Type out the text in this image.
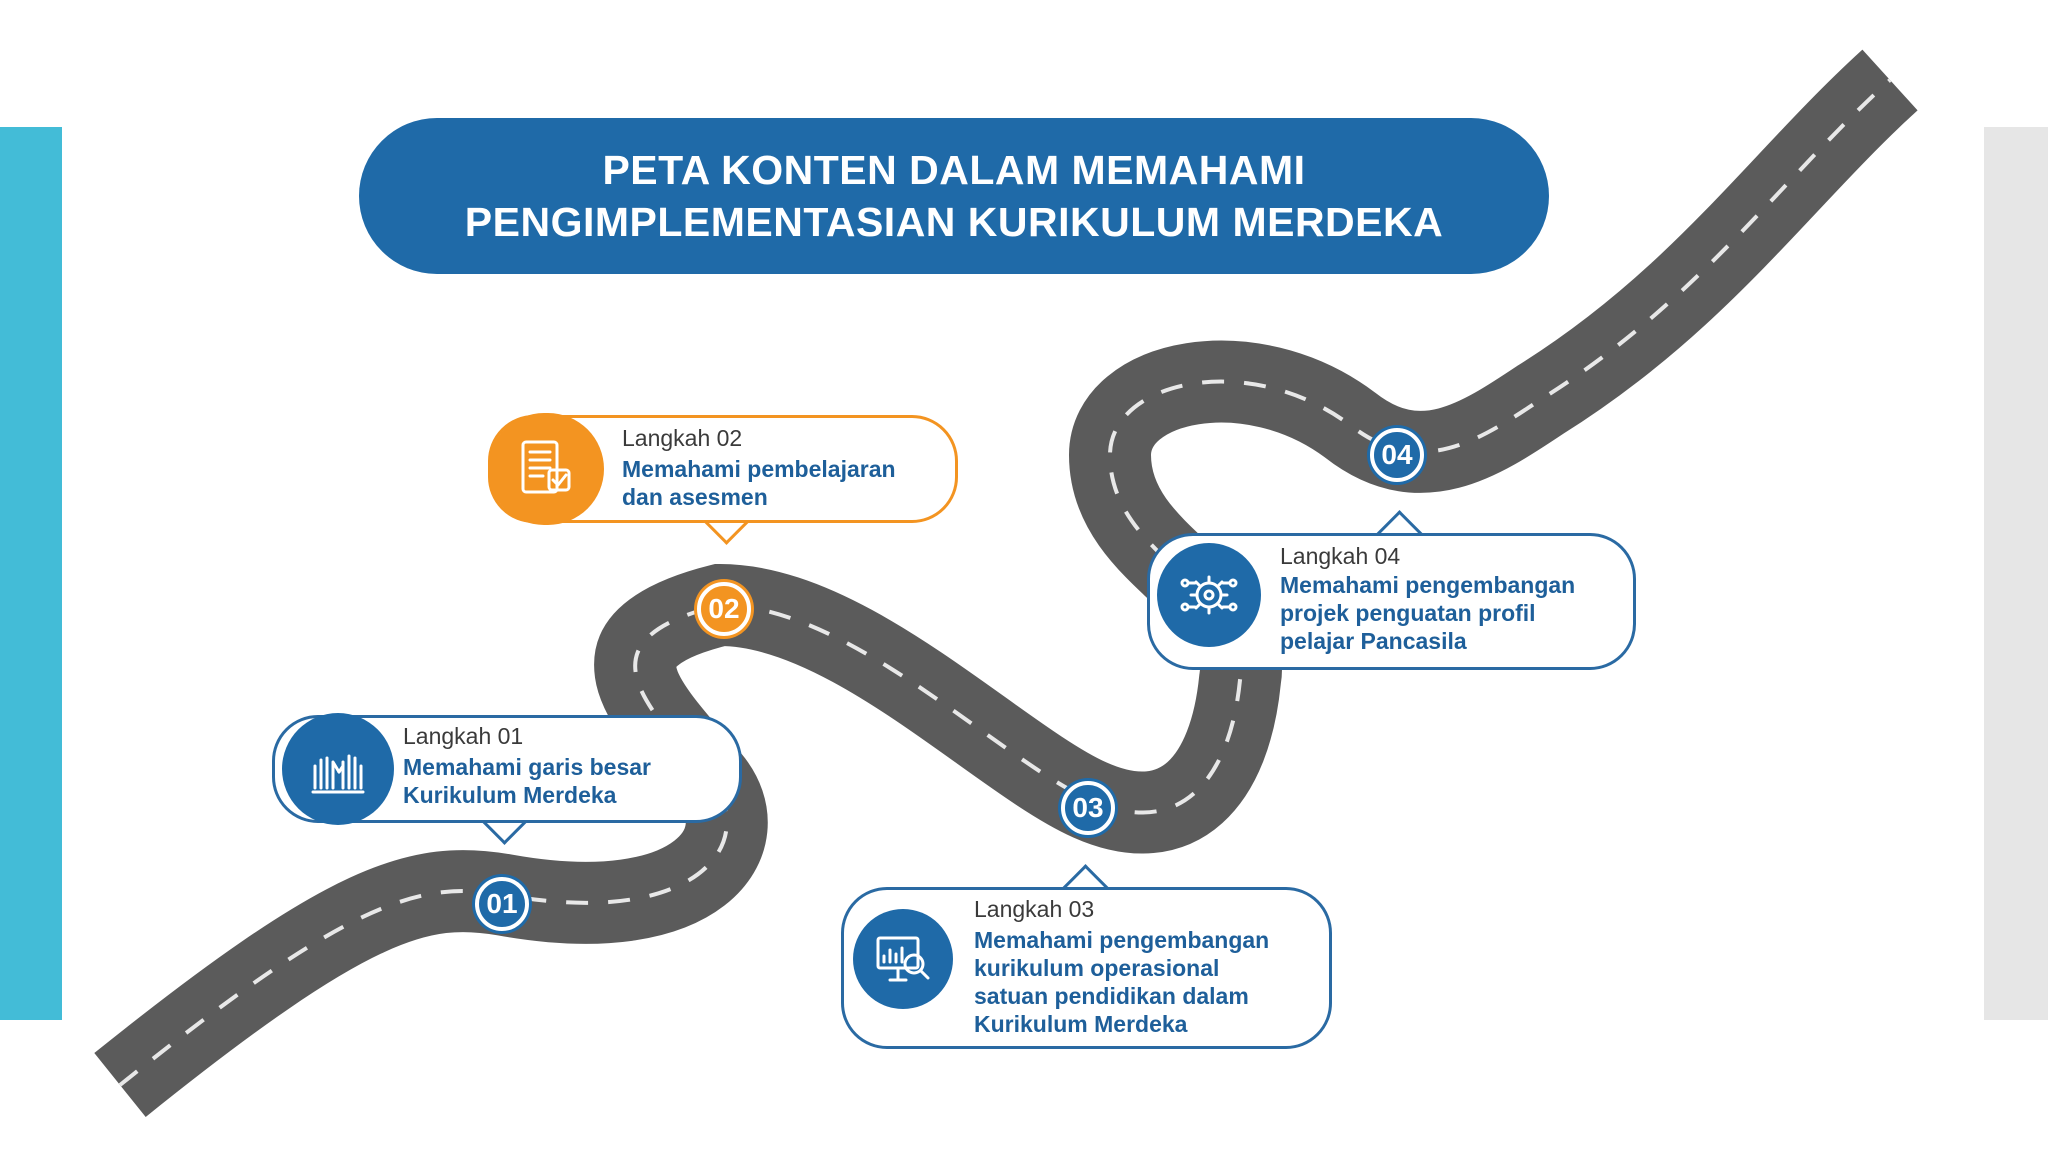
PETA KONTEN DALAM MEMAHAMI
PENGIMPLEMENTASIAN KURIKULUM MERDEKA
01
02
03
04
Langkah 01
Memahami garis besar
Kurikulum Merdeka
Langkah 02
Memahami pembelajaran
dan asesmen
Langkah 03
Memahami pengembangan
kurikulum operasional
satuan pendidikan dalam
Kurikulum Merdeka
Langkah 04
Memahami pengembangan
projek penguatan profil
pelajar Pancasila
